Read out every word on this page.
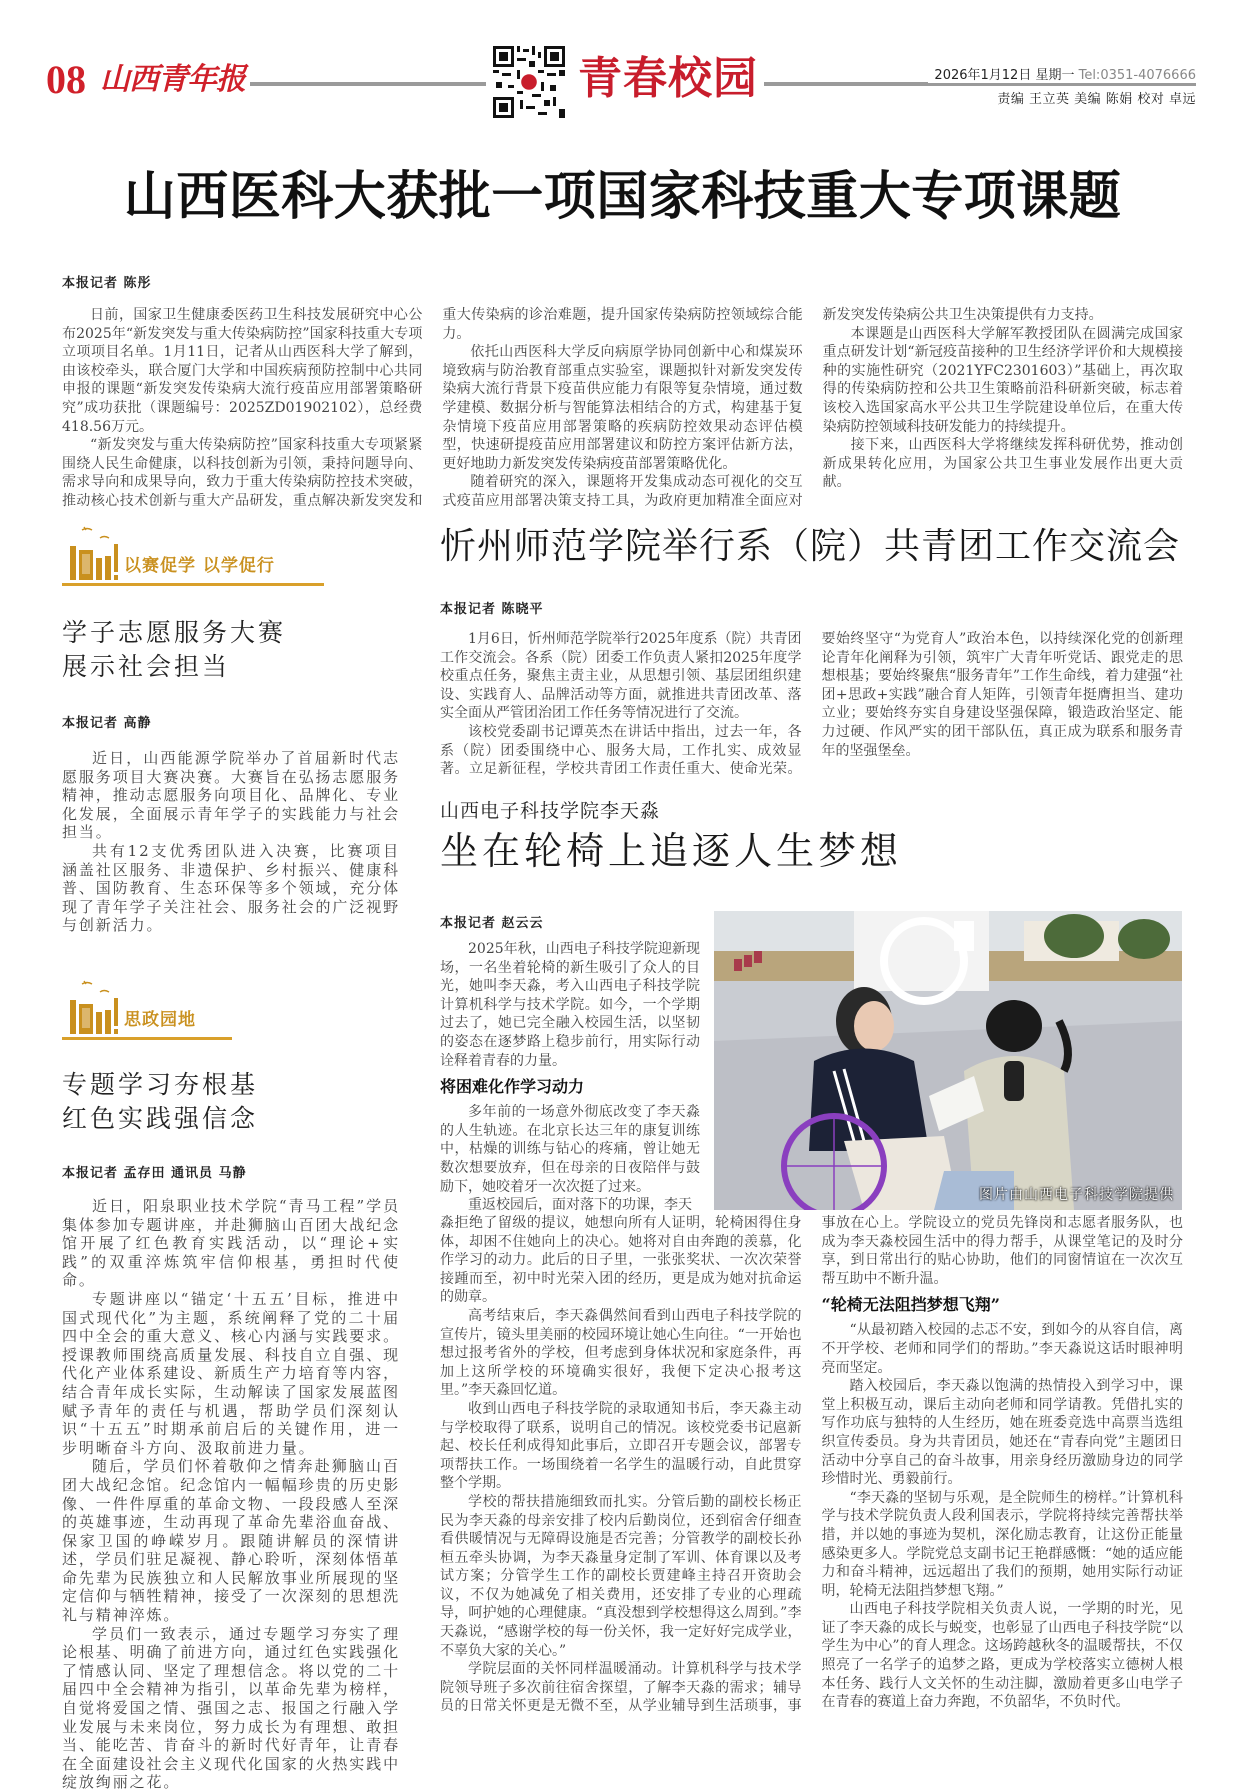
08 山西青年报	青春校园	2026年1月12日 星期一 Tel:0351-4076666
责编 王立英 美编 陈娟 校对 卓远
山西医科大获批一项国家科技重大专项课题
本报记者 陈彤

日前，国家卫生健康委医药卫生科技发展研究中心公布2025年“新发突发与重大传染病防控”国家科技重大专项立项项目名单。1月11日，记者从山西医科大学了解到，由该校牵头，联合厦门大学和中国疾病预防控制中心共同申报的课题“新发突发传染病大流行疫苗应用部署策略研究”成功获批（课题编号：2025ZD01902102），总经费418.56万元。

“新发突发与重大传染病防控”国家科技重大专项紧紧围绕人民生命健康，以科技创新为引领，秉持问题导向、需求导向和成果导向，致力于重大传染病防控技术突破，推动核心技术创新与重大产品研发，重点解决新发突发和重大传染病的诊治难题，提升国家传染病防控领域综合能力。

依托山西医科大学反向病原学协同创新中心和煤炭环境致病与防治教育部重点实验室，课题拟针对新发突发传染病大流行背景下疫苗供应能力有限等复杂情境，通过数学建模、数据分析与智能算法相结合的方式，构建基于复杂情境下疫苗应用部署策略的疾病防控效果动态评估模型，快速研提疫苗应用部署建议和防控方案评估新方法，更好地助力新发突发传染病疫苗部署策略优化。

随着研究的深入，课题将开发集成动态可视化的交互式疫苗应用部署决策支持工具，为政府更加精准全面应对新发突发传染病公共卫生决策提供有力支持。

本课题是山西医科大学解军教授团队在圆满完成国家重点研发计划“新冠疫苗接种的卫生经济学评价和大规模接种的实施性研究（2021YFC2301603）”基础上，再次取得的传染病防控和公共卫生策略前沿科研新突破，标志着该校入选国家高水平公共卫生学院建设单位后，在重大传染病防控领域科技研发能力的持续提升。

接下来，山西医科大学将继续发挥科研优势，推动创新成果转化应用，为国家公共卫生事业发展作出更大贡献。

以赛促学 以学促行
学子志愿服务大赛
展示社会担当
本报记者 高静

近日，山西能源学院举办了首届新时代志愿服务项目大赛决赛。大赛旨在弘扬志愿服务精神，推动志愿服务向项目化、品牌化、专业化发展，全面展示青年学子的实践能力与社会担当。

共有12支优秀团队进入决赛，比赛项目涵盖社区服务、非遗保护、乡村振兴、健康科普、国防教育、生态环保等多个领域，充分体现了青年学子关注社会、服务社会的广泛视野与创新活力。

思政园地
专题学习夯根基
红色实践强信念
本报记者 孟存田 通讯员 马静

近日，阳泉职业技术学院“青马工程”学员集体参加专题讲座，并赴狮脑山百团大战纪念馆开展了红色教育实践活动，以“理论+实践”的双重淬炼筑牢信仰根基，勇担时代使命。

专题讲座以“锚定‘十五五’目标，推进中国式现代化”为主题，系统阐释了党的二十届四中全会的重大意义、核心内涵与实践要求。授课教师围绕高质量发展、科技自立自强、现代化产业体系建设、新质生产力培育等内容，结合青年成长实际，生动解读了国家发展蓝图赋予青年的责任与机遇，帮助学员们深刻认识“十五五”时期承前启后的关键作用，进一步明晰奋斗方向、汲取前进力量。

随后，学员们怀着敬仰之情奔赴狮脑山百团大战纪念馆。纪念馆内一幅幅珍贵的历史影像、一件件厚重的革命文物、一段段感人至深的英雄事迹，生动再现了革命先辈浴血奋战、保家卫国的峥嵘岁月。跟随讲解员的深情讲述，学员们驻足凝视、静心聆听，深刻体悟革命先辈为民族独立和人民解放事业所展现的坚定信仰与牺牲精神，接受了一次深刻的思想洗礼与精神淬炼。

学员们一致表示，通过专题学习夯实了理论根基、明确了前进方向，通过红色实践强化了情感认同、坚定了理想信念。将以党的二十届四中全会精神为指引，以革命先辈为榜样，自觉将爱国之情、强国之志、报国之行融入学业发展与未来岗位，努力成长为有理想、敢担当、能吃苦、肯奋斗的新时代好青年，让青春在全面建设社会主义现代化国家的火热实践中绽放绚丽之花。

忻州师范学院举行系（院）共青团工作交流会
本报记者 陈晓平

1月6日，忻州师范学院举行2025年度系（院）共青团工作交流会。各系（院）团委工作负责人紧扣2025年度学校重点任务，聚焦主责主业，从思想引领、基层团组织建设、实践育人、品牌活动等方面，就推进共青团改革、落实全面从严管团治团工作任务等情况进行了交流。

该校党委副书记谭英杰在讲话中指出，过去一年，各系（院）团委围绕中心、服务大局，工作扎实、成效显著。立足新征程，学校共青团工作责任重大、使命光荣。要始终坚守“为党育人”政治本色，以持续深化党的创新理论青年化阐释为引领，筑牢广大青年听党话、跟党走的思想根基；要始终聚焦“服务青年”工作生命线，着力建强“社团+思政+实践”融合育人矩阵，引领青年挺膺担当、建功立业；要始终夯实自身建设坚强保障，锻造政治坚定、能力过硬、作风严实的团干部队伍，真正成为联系和服务青年的坚强堡垒。

山西电子科技学院李天淼
坐在轮椅上追逐人生梦想
本报记者 赵云云

2025年秋，山西电子科技学院迎新现场，一名坐着轮椅的新生吸引了众人的目光，她叫李天淼，考入山西电子科技学院计算机科学与技术学院。如今，一个学期过去了，她已完全融入校园生活，以坚韧的姿态在逐梦路上稳步前行，用实际行动诠释着青春的力量。

将困难化作学习动力

多年前的一场意外彻底改变了李天淼的人生轨迹。在北京长达三年的康复训练中，枯燥的训练与钻心的疼痛，曾让她无数次想要放弃，但在母亲的日夜陪伴与鼓励下，她咬着牙一次次挺了过来。

重返校园后，面对落下的功课，李天

图片由山西电子科技学院提供

淼拒绝了留级的提议，她想向所有人证明，轮椅困得住身体，却困不住她向上的决心。她将对自由奔跑的羡慕，化作学习的动力。此后的日子里，一张张奖状、一次次荣誉接踵而至，初中时光荣入团的经历，更是成为她对抗命运的勋章。

高考结束后，李天淼偶然间看到山西电子科技学院的宣传片，镜头里美丽的校园环境让她心生向往。“一开始也想过报考省外的学校，但考虑到身体状况和家庭条件，再加上这所学校的环境确实很好，我便下定决心报考这里。”李天淼回忆道。

收到山西电子科技学院的录取通知书后，李天淼主动与学校取得了联系，说明自己的情况。该校党委书记扈新起、校长任利成得知此事后，立即召开专题会议，部署专项帮扶工作。一场围绕着一名学生的温暖行动，自此贯穿整个学期。

学校的帮扶措施细致而扎实。分管后勤的副校长杨正民为李天淼的母亲安排了校内后勤岗位，还到宿舍仔细查看供暖情况与无障碍设施是否完善；分管教学的副校长孙桓五牵头协调，为李天淼量身定制了军训、体育课以及考试方案；分管学生工作的副校长贾建峰主持召开资助会议，不仅为她减免了相关费用，还安排了专业的心理疏导，呵护她的心理健康。“真没想到学校想得这么周到。”李天淼说，“感谢学校的每一份关怀，我一定好好完成学业，不辜负大家的关心。”

学院层面的关怀同样温暖涌动。计算机科学与技术学院领导班子多次前往宿舍探望，了解李天淼的需求；辅导员的日常关怀更是无微不至，从学业辅导到生活琐事，事事放在心上。学院设立的党员先锋岗和志愿者服务队，也成为李天淼校园生活中的得力帮手，从课堂笔记的及时分享，到日常出行的贴心协助，他们的同窗情谊在一次次互帮互助中不断升温。

“轮椅无法阻挡梦想飞翔”

“从最初踏入校园的忐忑不安，到如今的从容自信，离不开学校、老师和同学们的帮助。”李天淼说这话时眼神明亮而坚定。

踏入校园后，李天淼以饱满的热情投入到学习中，课堂上积极互动，课后主动向老师和同学请教。凭借扎实的写作功底与独特的人生经历，她在班委竞选中高票当选组织宣传委员。身为共青团员，她还在“青春向党”主题团日活动中分享自己的奋斗故事，用亲身经历激励身边的同学珍惜时光、勇毅前行。

“李天淼的坚韧与乐观，是全院师生的榜样。”计算机科学与技术学院负责人段利国表示，学院将持续完善帮扶举措，并以她的事迹为契机，深化励志教育，让这份正能量感染更多人。学院党总支副书记王艳群感慨：“她的适应能力和奋斗精神，远远超出了我们的预期，她用实际行动证明，轮椅无法阻挡梦想飞翔。”

山西电子科技学院相关负责人说，一学期的时光，见证了李天淼的成长与蜕变，也彰显了山西电子科技学院“以学生为中心”的育人理念。这场跨越秋冬的温暖帮扶，不仅照亮了一名学子的追梦之路，更成为学校落实立德树人根本任务、践行人文关怀的生动注脚，激励着更多山电学子在青春的赛道上奋力奔跑，不负韶华，不负时代。
